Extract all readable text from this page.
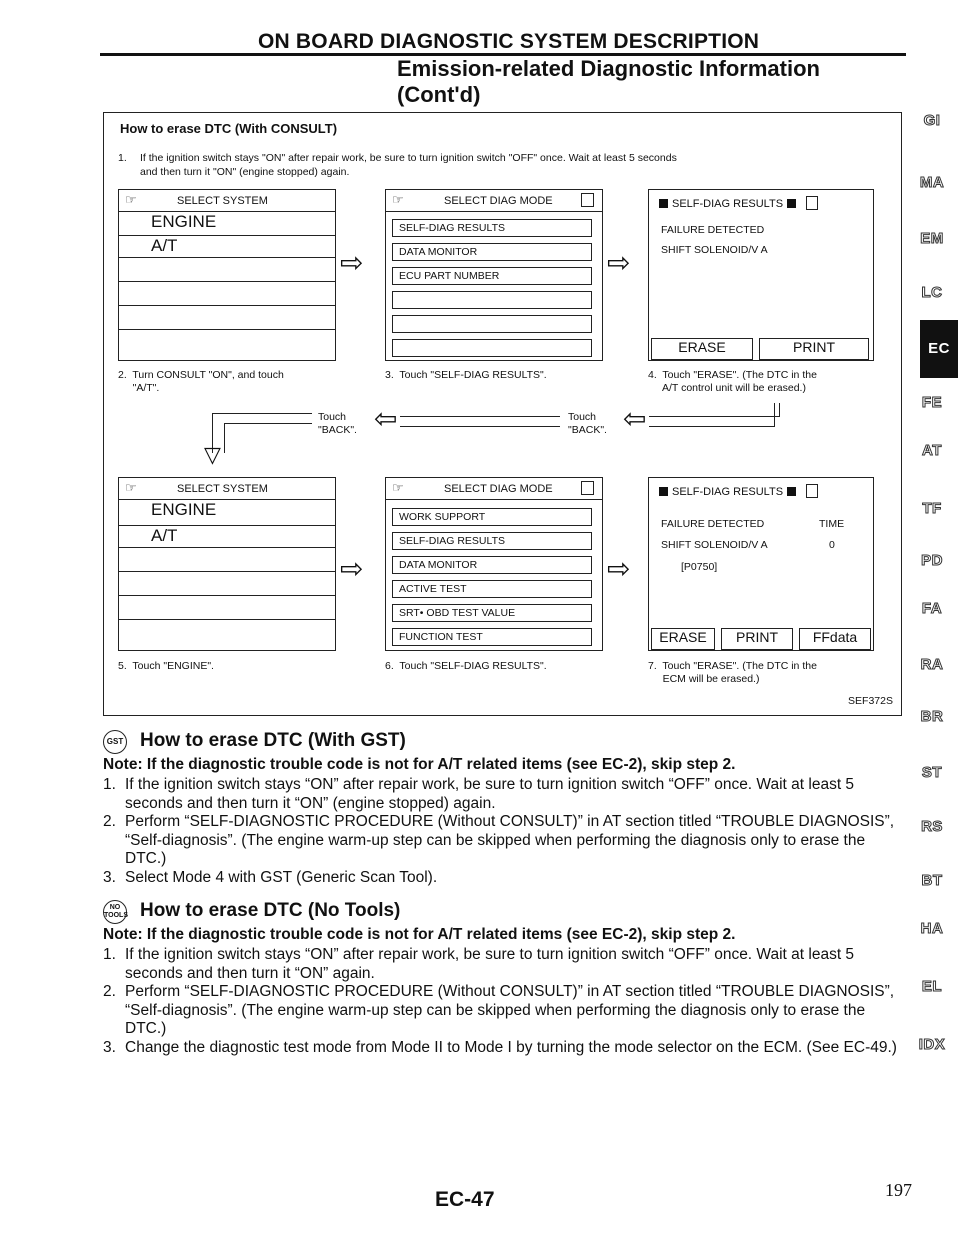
ON BOARD DIAGNOSTIC SYSTEM DESCRIPTION
Emission-related Diagnostic Information
(Cont'd)
How to erase DTC (With CONSULT)
1. If the ignition switch stays "ON" after repair work, be sure to turn ignition switch "OFF" once. Wait at least 5 seconds
and then turn it "ON" (engine stopped) again.
☞	SELECT SYSTEM
ENGINE
A/T
⇨
☞	SELECT DIAG MODE
SELF-DIAG RESULTS
DATA MONITOR
ECU PART NUMBER	⇨
SELF-DIAG RESULTS
FAILURE DETECTED
SHIFT SOLENOID/V A
ERASE	PRINT
2.  Turn CONSULT "ON", and touch
"A/T".
3.  Touch "SELF-DIAG RESULTS".	4.  Touch "ERASE". (The DTC in the
A/T control unit will be erased.)
▽
Touch
"BACK". ⇦	Touch
"BACK". ⇦
☞	SELECT SYSTEM
ENGINE
A/T
⇨
☞	SELECT DIAG MODE
WORK SUPPORT
SELF-DIAG RESULTS
DATA MONITOR
ACTIVE TEST
SRT• OBD TEST VALUE
FUNCTION TEST
⇨
SELF-DIAG RESULTS
FAILURE DETECTED	TIME
SHIFT SOLENOID/V A	0
[P0750]
ERASE	PRINT	FFdata
5.  Touch "ENGINE".	6.  Touch "SELF-DIAG RESULTS".	7.  Touch "ERASE". (The DTC in the
ECM will be erased.)
SEF372S
GST How to erase DTC (With GST)
Note: If the diagnostic trouble code is not for A/T related items (see EC-2), skip step 2.
1. If the ignition switch stays “ON” after repair work, be sure to turn ignition switch “OFF” once. Wait at least 5 seconds and then turn it “ON” (engine stopped) again.
2. Perform “SELF-DIAGNOSTIC PROCEDURE (Without CONSULT)” in AT section titled “TROUBLE DIAGNOSIS”, “Self-diagnosis”. (The engine warm-up step can be skipped when performing the diagnosis only to erase the DTC.)
3. Select Mode 4 with GST (Generic Scan Tool).
NO TOOLS How to erase DTC (No Tools)
Note: If the diagnostic trouble code is not for A/T related items (see EC-2), skip step 2.
1. If the ignition switch stays “ON” after repair work, be sure to turn ignition switch “OFF” once. Wait at least 5 seconds and then turn it “ON” again.
2. Perform “SELF-DIAGNOSTIC PROCEDURE (Without CONSULT)” in AT section titled “TROUBLE DIAGNOSIS”, “Self-diagnosis”. (The engine warm-up step can be skipped when performing the diagnosis only to erase the DTC.)
3. Change the diagnostic test mode from Mode II to Mode I by turning the mode selector on the ECM. (See EC-49.)
GI
MA
EM
LC
EC
FE
AT
TF
PD
FA
RA
BR
ST
RS
BT
HA
EL
IDX
EC-47	197
